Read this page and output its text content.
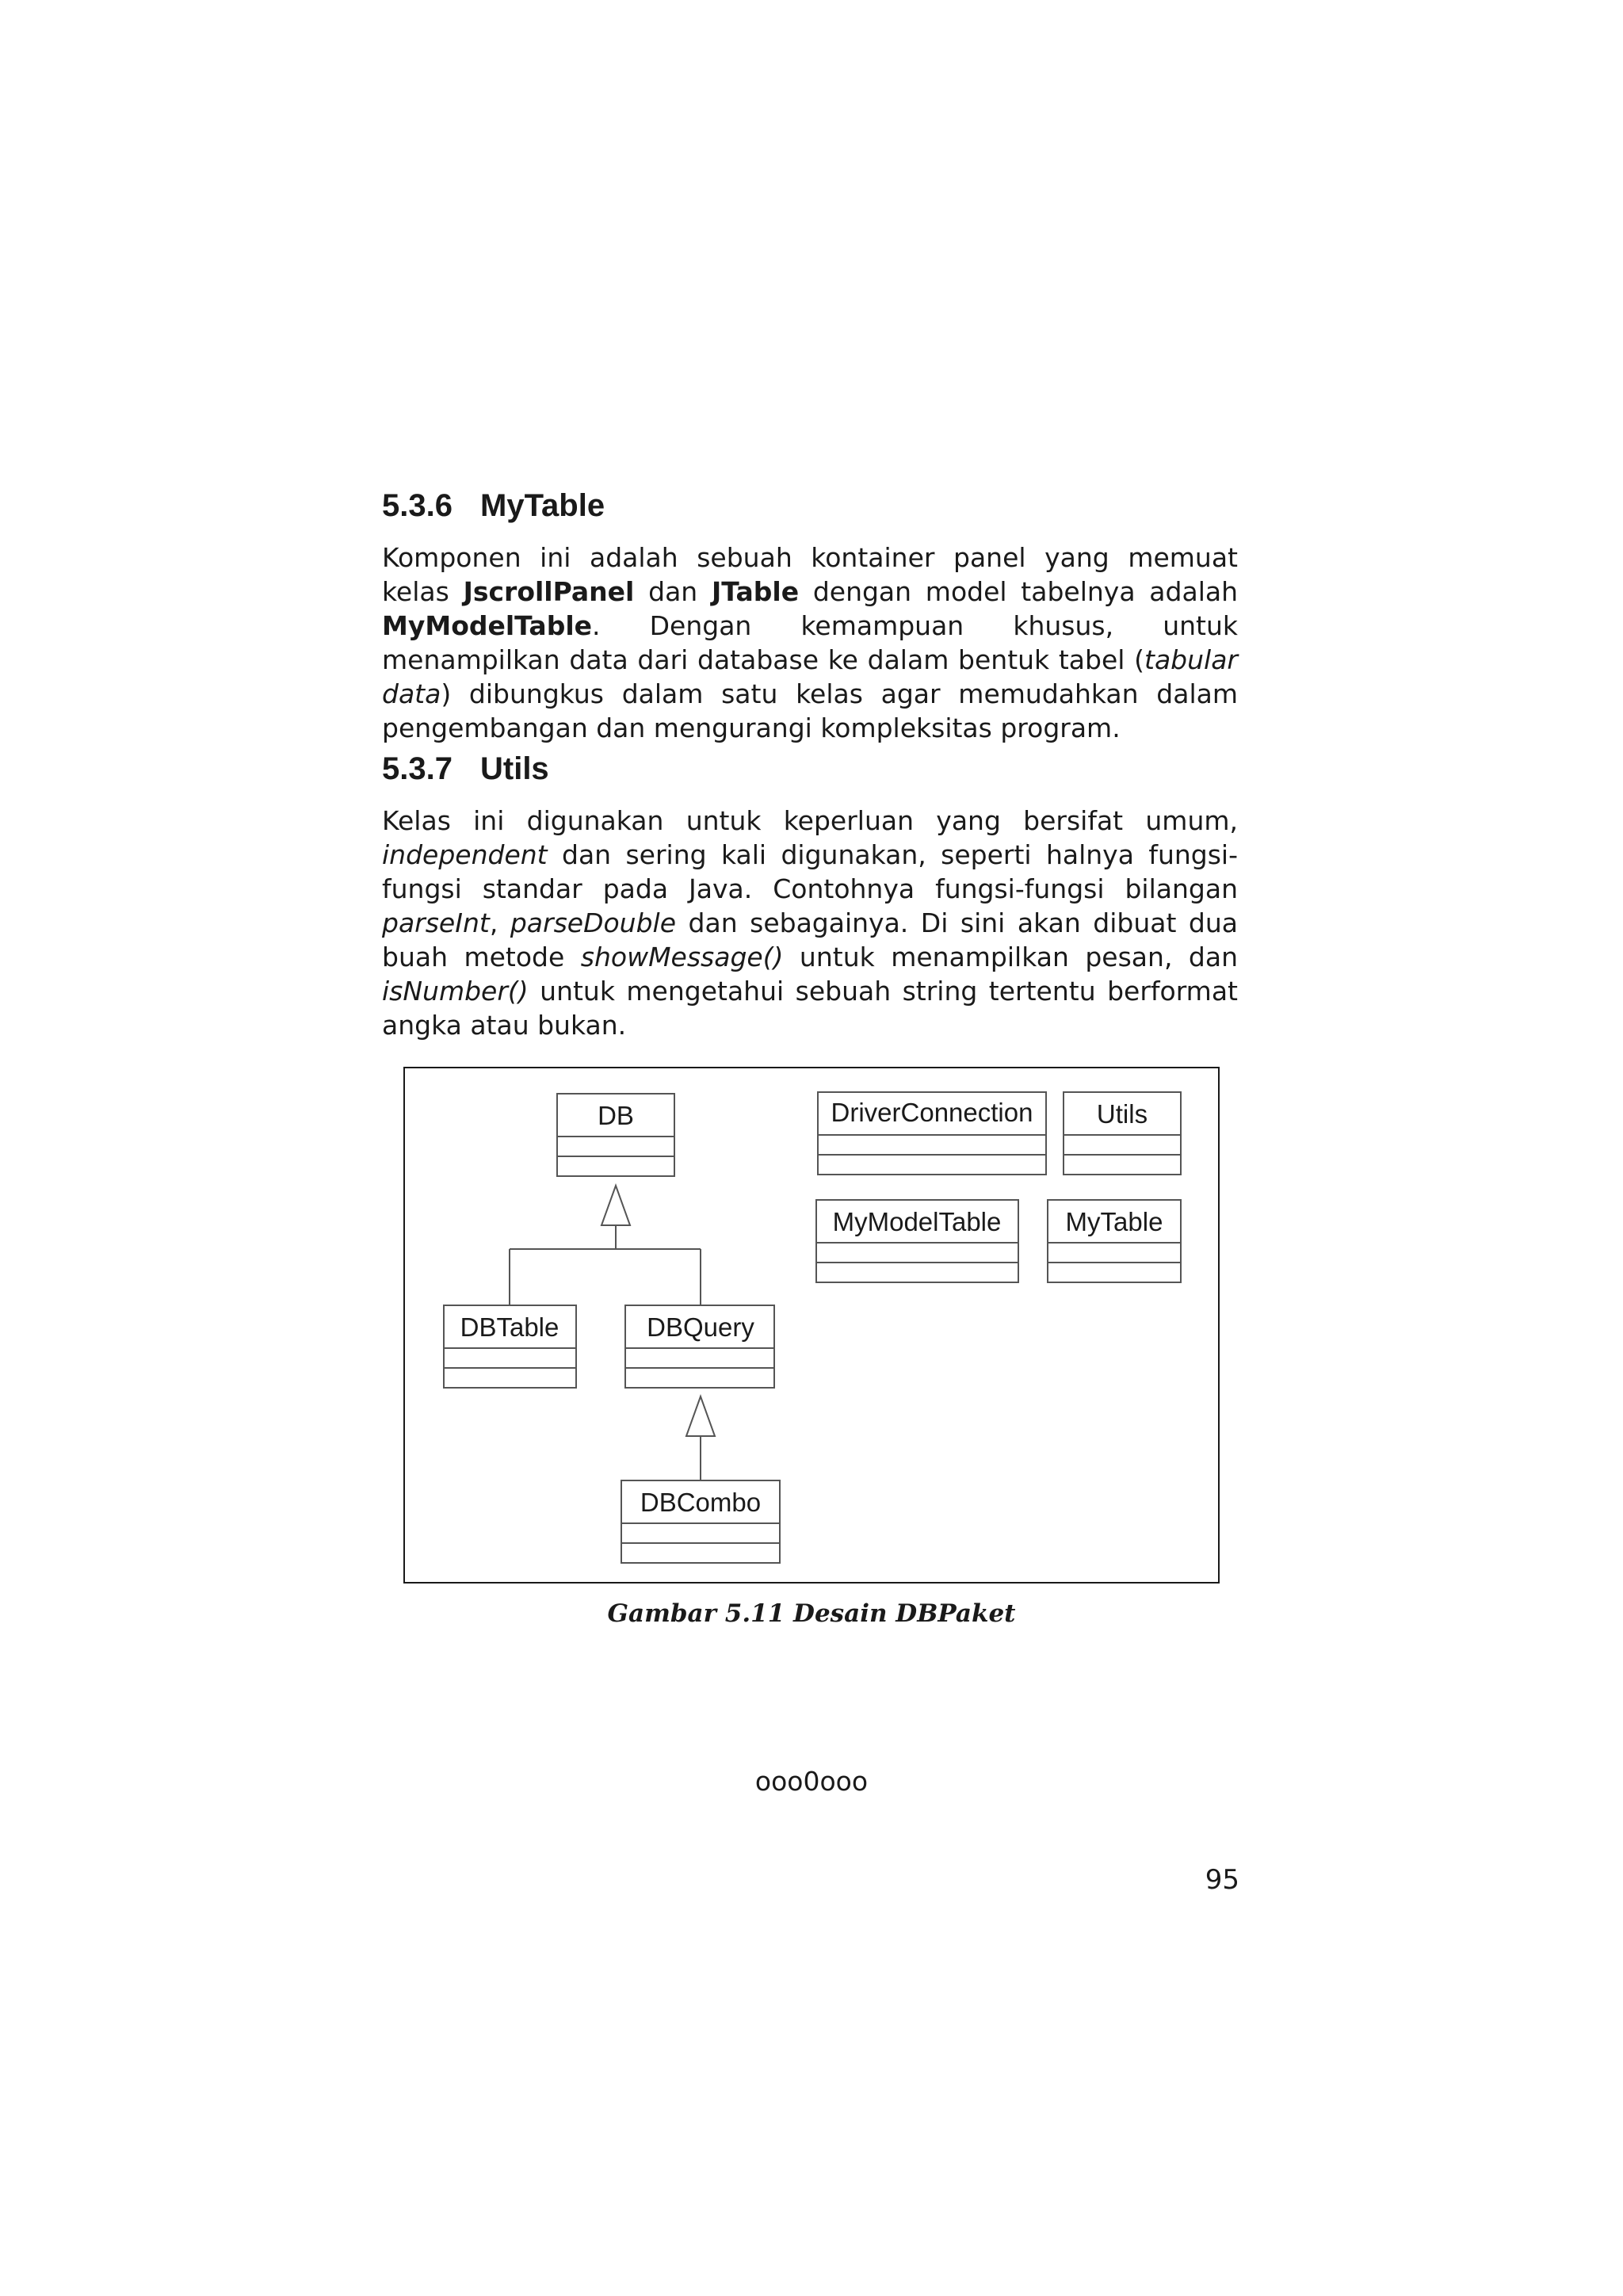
5.3.6 MyTable

Komponen ini adalah sebuah kontainer panel yang memuat kelas JscrollPanel dan JTable dengan model tabelnya adalah MyModelTable. Dengan kemampuan khusus, untuk menampilkan data dari database ke dalam bentuk tabel (tabular data) dibungkus dalam satu kelas agar memudahkan dalam pengembangan dan mengurangi kompleksitas program.

5.3.7 Utils

Kelas ini digunakan untuk keperluan yang bersifat umum, independent dan sering kali digunakan, seperti halnya fungsi-fungsi standar pada Java. Contohnya fungsi-fungsi bilangan parseInt, parseDouble dan sebagainya. Di sini akan dibuat dua buah metode showMessage() untuk menampilkan pesan, dan isNumber() untuk mengetahui sebuah string tertentu berformat angka atau bukan.

DB	DriverConnection Utils
MyModelTable MyTable
DBTable	DBQuery
DBCombo
Gambar 5.11 Desain DBPaket
ooo0ooo
95
